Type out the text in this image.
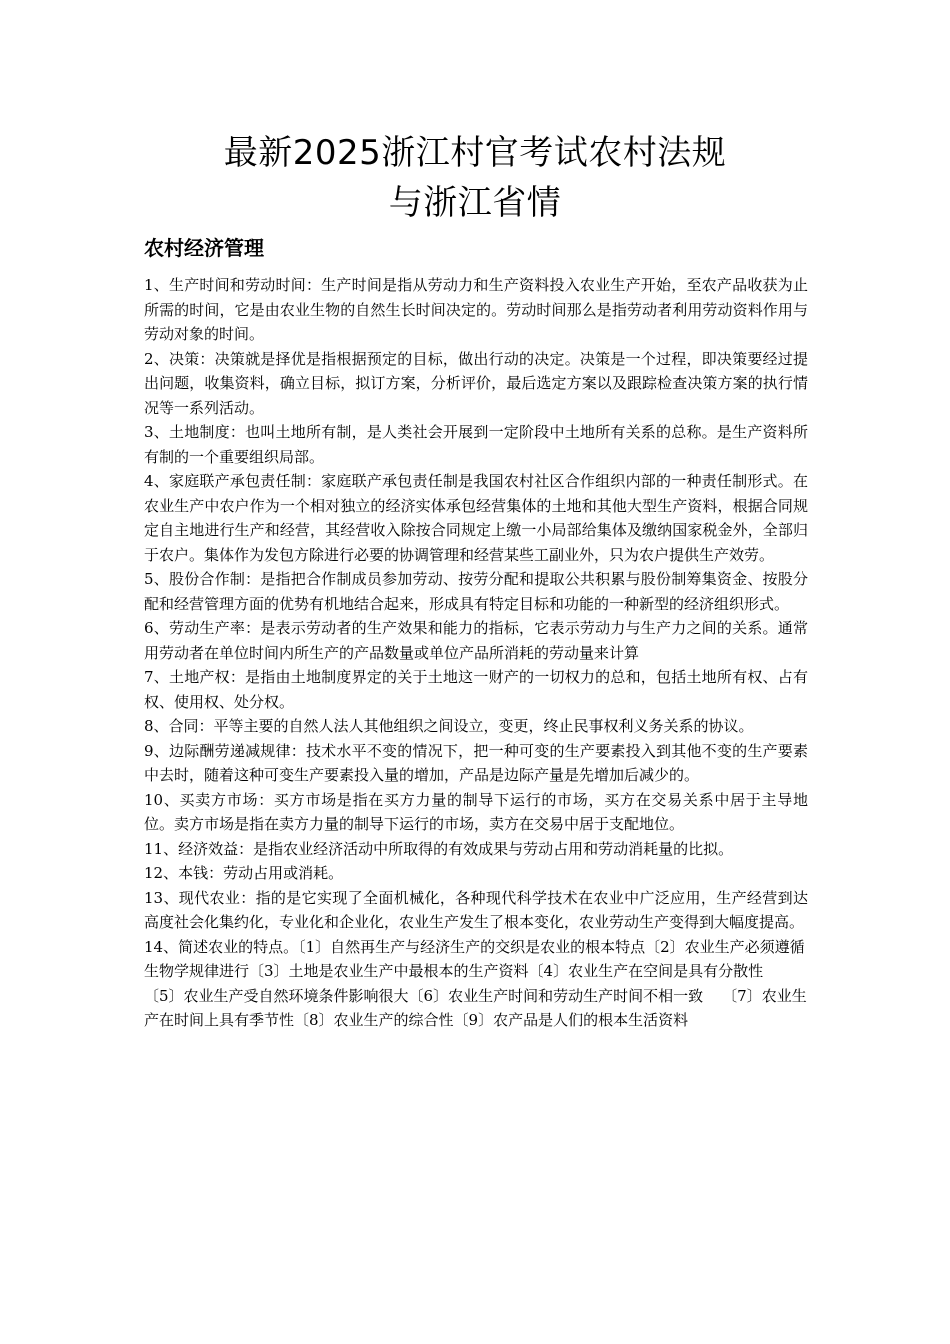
最新2025浙江村官考试农村法规
与浙江省情
农村经济管理

1、生产时间和劳动时间：生产时间是指从劳动力和生产资料投入农业生产开始，至农产品收获为止所需的时间，它是由农业生物的自然生长时间决定的。劳动时间那么是指劳动者利用劳动资料作用与劳动对象的时间。

2、决策：决策就是择优是指根据预定的目标，做出行动的决定。决策是一个过程，即决策要经过提出问题，收集资料，确立目标，拟订方案，分析评价，最后选定方案以及跟踪检查决策方案的执行情况等一系列活动。

3、土地制度：也叫土地所有制，是人类社会开展到一定阶段中土地所有关系的总称。是生产资料所有制的一个重要组织局部。

4、家庭联产承包责任制：家庭联产承包责任制是我国农村社区合作组织内部的一种责任制形式。在农业生产中农户作为一个相对独立的经济实体承包经营集体的土地和其他大型生产资料，根据合同规定自主地进行生产和经营，其经营收入除按合同规定上缴一小局部给集体及缴纳国家税金外，全部归于农户。集体作为发包方除进行必要的协调管理和经营某些工副业外，只为农户提供生产效劳。

5、股份合作制：是指把合作制成员参加劳动、按劳分配和提取公共积累与股份制筹集资金、按股分配和经营管理方面的优势有机地结合起来，形成具有特定目标和功能的一种新型的经济组织形式。

6、劳动生产率：是表示劳动者的生产效果和能力的指标，它表示劳动力与生产力之间的关系。通常用劳动者在单位时间内所生产的产品数量或单位产品所消耗的劳动量来计算

7、土地产权：是指由土地制度界定的关于土地这一财产的一切权力的总和，包括土地所有权、占有权、使用权、处分权。

8、合同：平等主要的自然人法人其他组织之间设立，变更，终止民事权利义务关系的协议。

9、边际酬劳递减规律：技术水平不变的情况下，把一种可变的生产要素投入到其他不变的生产要素中去时，随着这种可变生产要素投入量的增加，产品是边际产量是先增加后减少的。

10、买卖方市场：买方市场是指在买方力量的制导下运行的市场，买方在交易关系中居于主导地位。卖方市场是指在卖方力量的制导下运行的市场，卖方在交易中居于支配地位。

11、经济效益：是指农业经济活动中所取得的有效成果与劳动占用和劳动消耗量的比拟。

12、本钱：劳动占用或消耗。

13、现代农业：指的是它实现了全面机械化，各种现代科学技术在农业中广泛应用，生产经营到达高度社会化集约化，专业化和企业化，农业生产发生了根本变化，农业劳动生产变得到大幅度提高。

14、简述农业的特点。〔1〕自然再生产与经济生产的交织是农业的根本特点〔2〕农业生产必须遵循生物学规律进行〔3〕土地是农业生产中最根本的生产资料〔4〕农业生产在空间是具有分散性            〔5〕农业生产受自然环境条件影响很大〔6〕农业生产时间和劳动生产时间不相一致    〔7〕农业生产在时间上具有季节性〔8〕农业生产的综合性〔9〕农产品是人们的根本生活资料
